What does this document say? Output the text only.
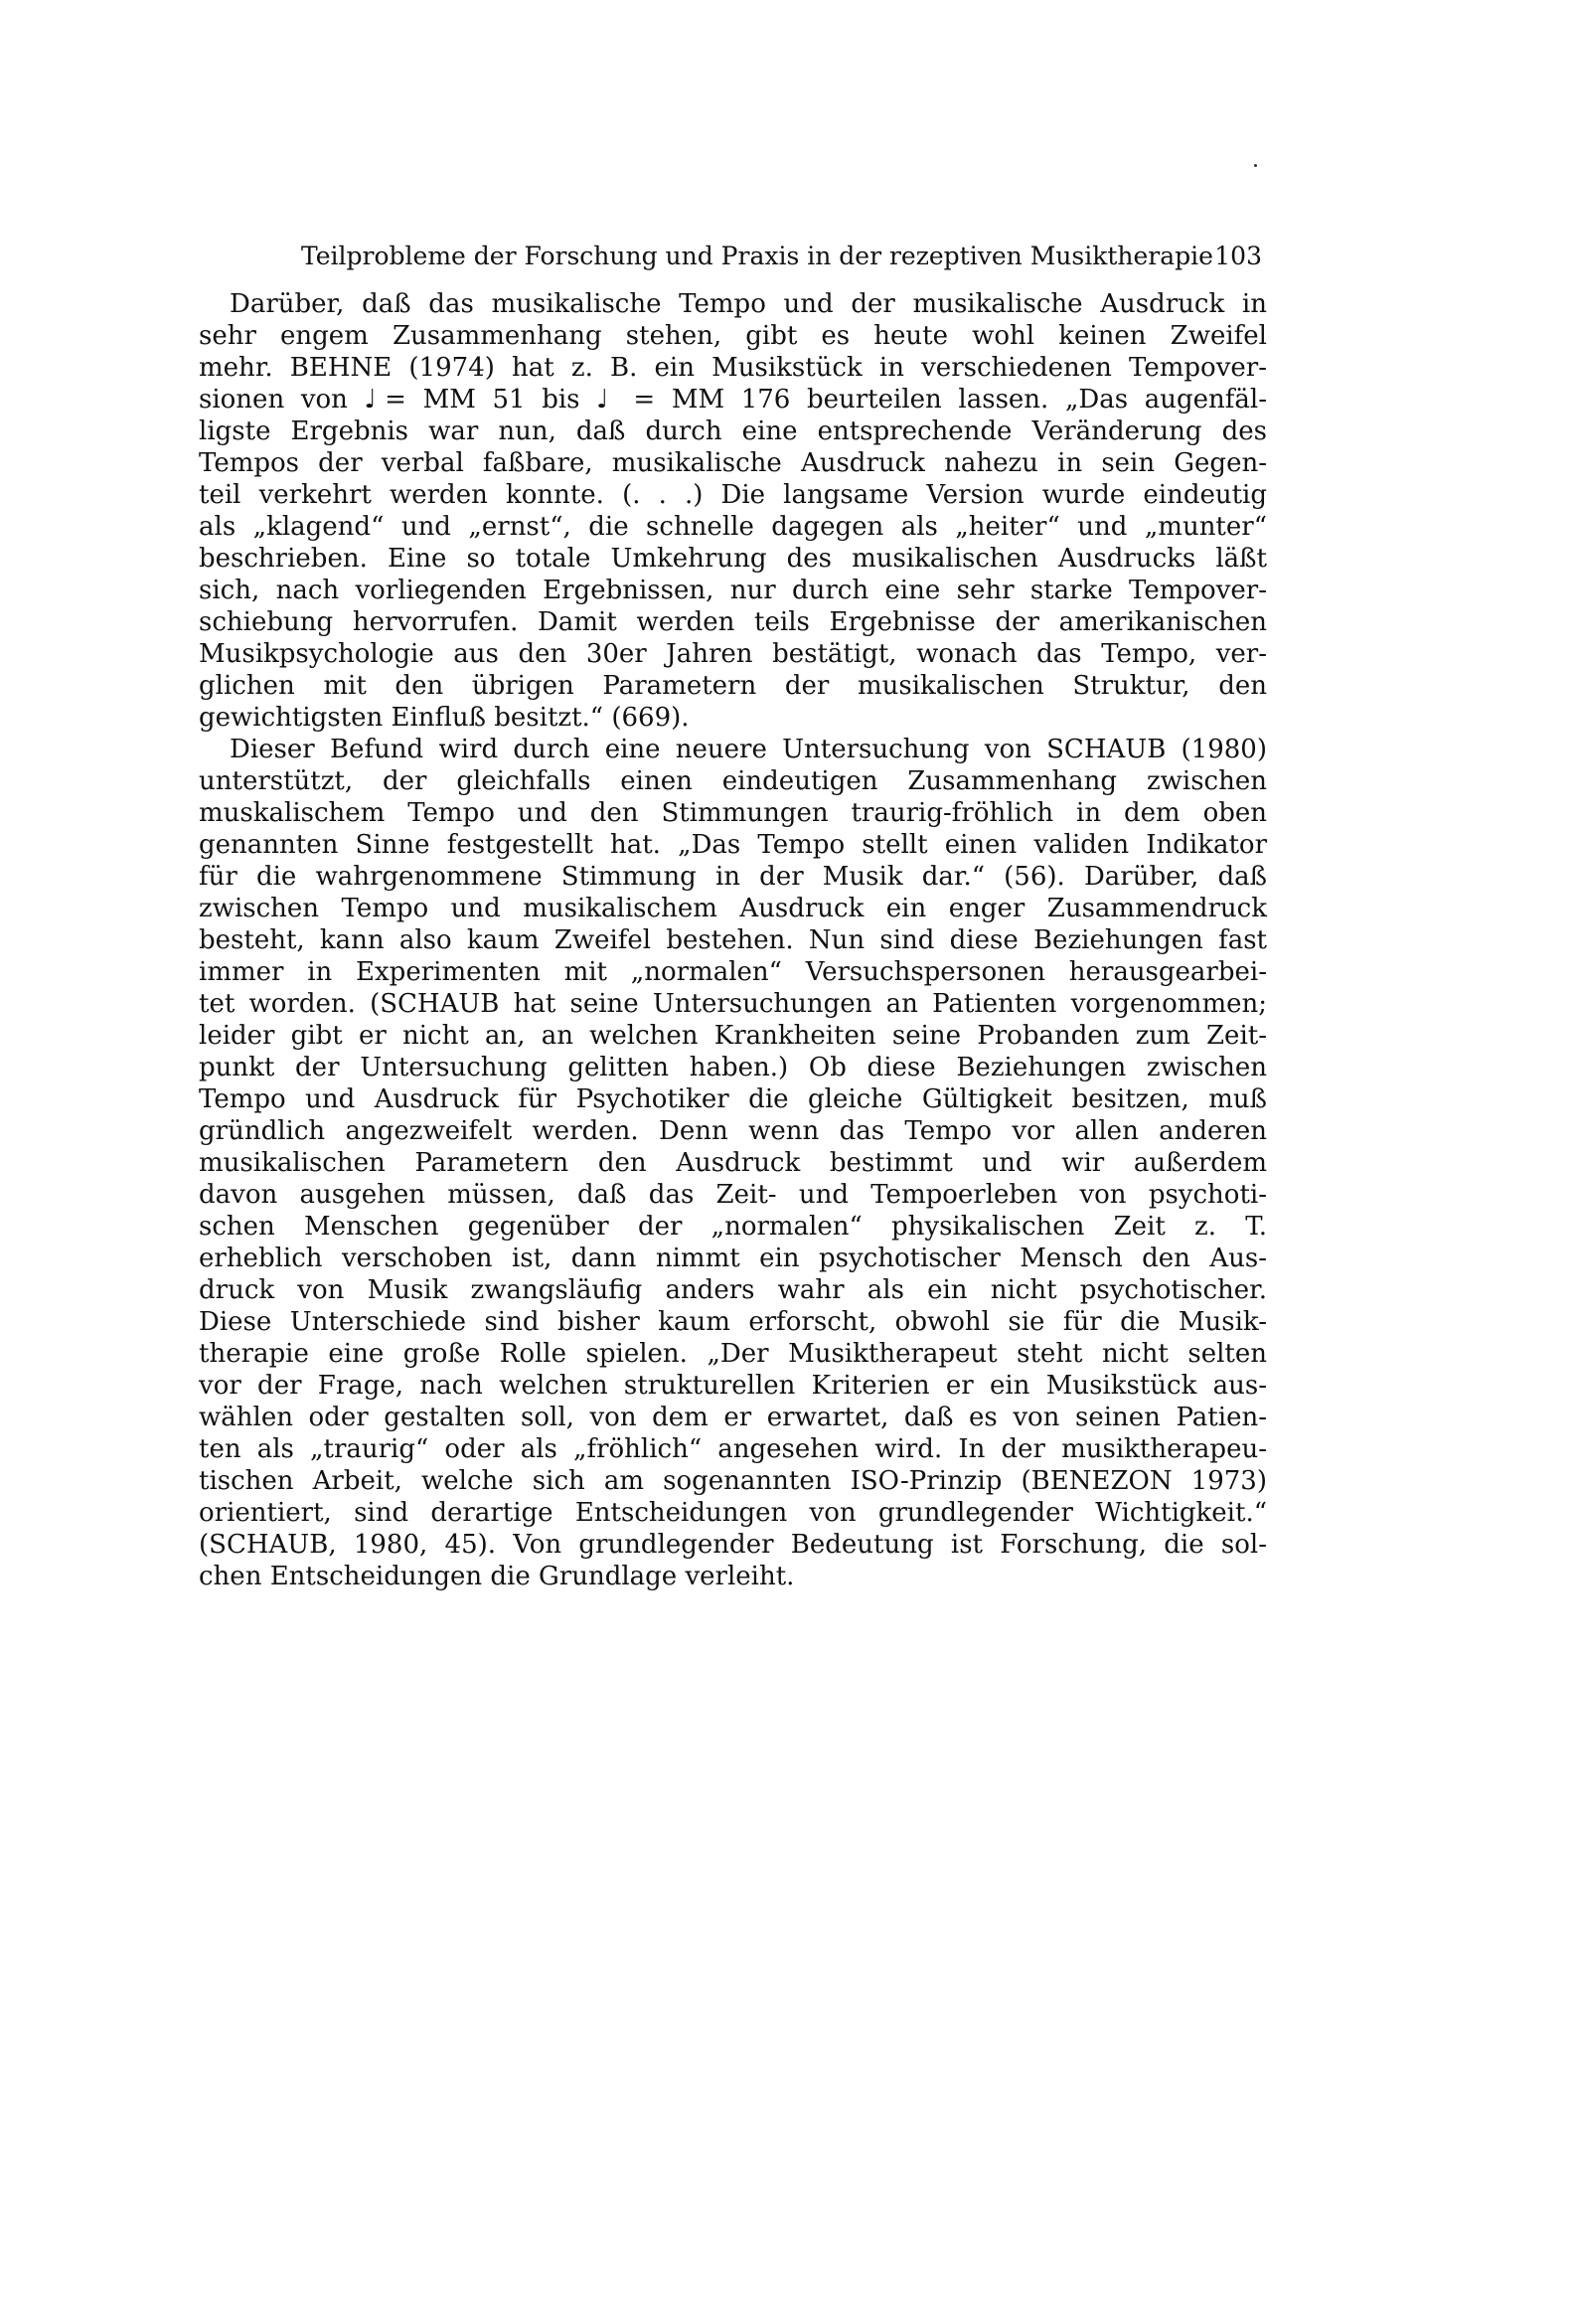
Teilprobleme der Forschung und Praxis in der rezeptiven Musiktherapie 103
Darüber, daß das musikalische Tempo und der musikalische Ausdruck in
sehr engem Zusammenhang stehen, gibt es heute wohl keinen Zweifel
mehr. BEHNE (1974) hat z. B. ein Musikstück in verschiedenen Tempover-
sionen von ♩= MM 51 bis ♩ = MM 176 beurteilen lassen. „Das augenfäl-
ligste Ergebnis war nun, daß durch eine entsprechende Veränderung des
Tempos der verbal faßbare, musikalische Ausdruck nahezu in sein Gegen-
teil verkehrt werden konnte. (. . .) Die langsame Version wurde eindeutig
als „klagend“ und „ernst“, die schnelle dagegen als „heiter“ und „munter“
beschrieben. Eine so totale Umkehrung des musikalischen Ausdrucks läßt
sich, nach vorliegenden Ergebnissen, nur durch eine sehr starke Tempover-
schiebung hervorrufen. Damit werden teils Ergebnisse der amerikanischen
Musikpsychologie aus den 30er Jahren bestätigt, wonach das Tempo, ver-
glichen mit den übrigen Parametern der musikalischen Struktur, den
gewichtigsten Einfluß besitzt.“ (669).
Dieser Befund wird durch eine neuere Untersuchung von SCHAUB (1980)
unterstützt, der gleichfalls einen eindeutigen Zusammenhang zwischen
muskalischem Tempo und den Stimmungen traurig-fröhlich in dem oben
genannten Sinne festgestellt hat. „Das Tempo stellt einen validen Indikator
für die wahrgenommene Stimmung in der Musik dar.“ (56). Darüber, daß
zwischen Tempo und musikalischem Ausdruck ein enger Zusammendruck
besteht, kann also kaum Zweifel bestehen. Nun sind diese Beziehungen fast
immer in Experimenten mit „normalen“ Versuchspersonen herausgearbei-
tet worden. (SCHAUB hat seine Untersuchungen an Patienten vorgenommen;
leider gibt er nicht an, an welchen Krankheiten seine Probanden zum Zeit-
punkt der Untersuchung gelitten haben.) Ob diese Beziehungen zwischen
Tempo und Ausdruck für Psychotiker die gleiche Gültigkeit besitzen, muß
gründlich angezweifelt werden. Denn wenn das Tempo vor allen anderen
musikalischen Parametern den Ausdruck bestimmt und wir außerdem
davon ausgehen müssen, daß das Zeit- und Tempoerleben von psychoti-
schen Menschen gegenüber der „normalen“ physikalischen Zeit z. T.
erheblich verschoben ist, dann nimmt ein psychotischer Mensch den Aus-
druck von Musik zwangsläufig anders wahr als ein nicht psychotischer.
Diese Unterschiede sind bisher kaum erforscht, obwohl sie für die Musik-
therapie eine große Rolle spielen. „Der Musiktherapeut steht nicht selten
vor der Frage, nach welchen strukturellen Kriterien er ein Musikstück aus-
wählen oder gestalten soll, von dem er erwartet, daß es von seinen Patien-
ten als „traurig“ oder als „fröhlich“ angesehen wird. In der musiktherapeu-
tischen Arbeit, welche sich am sogenannten ISO-Prinzip (BENEZON 1973)
orientiert, sind derartige Entscheidungen von grundlegender Wichtigkeit.“
(SCHAUB, 1980, 45). Von grundlegender Bedeutung ist Forschung, die sol-
chen Entscheidungen die Grundlage verleiht.
